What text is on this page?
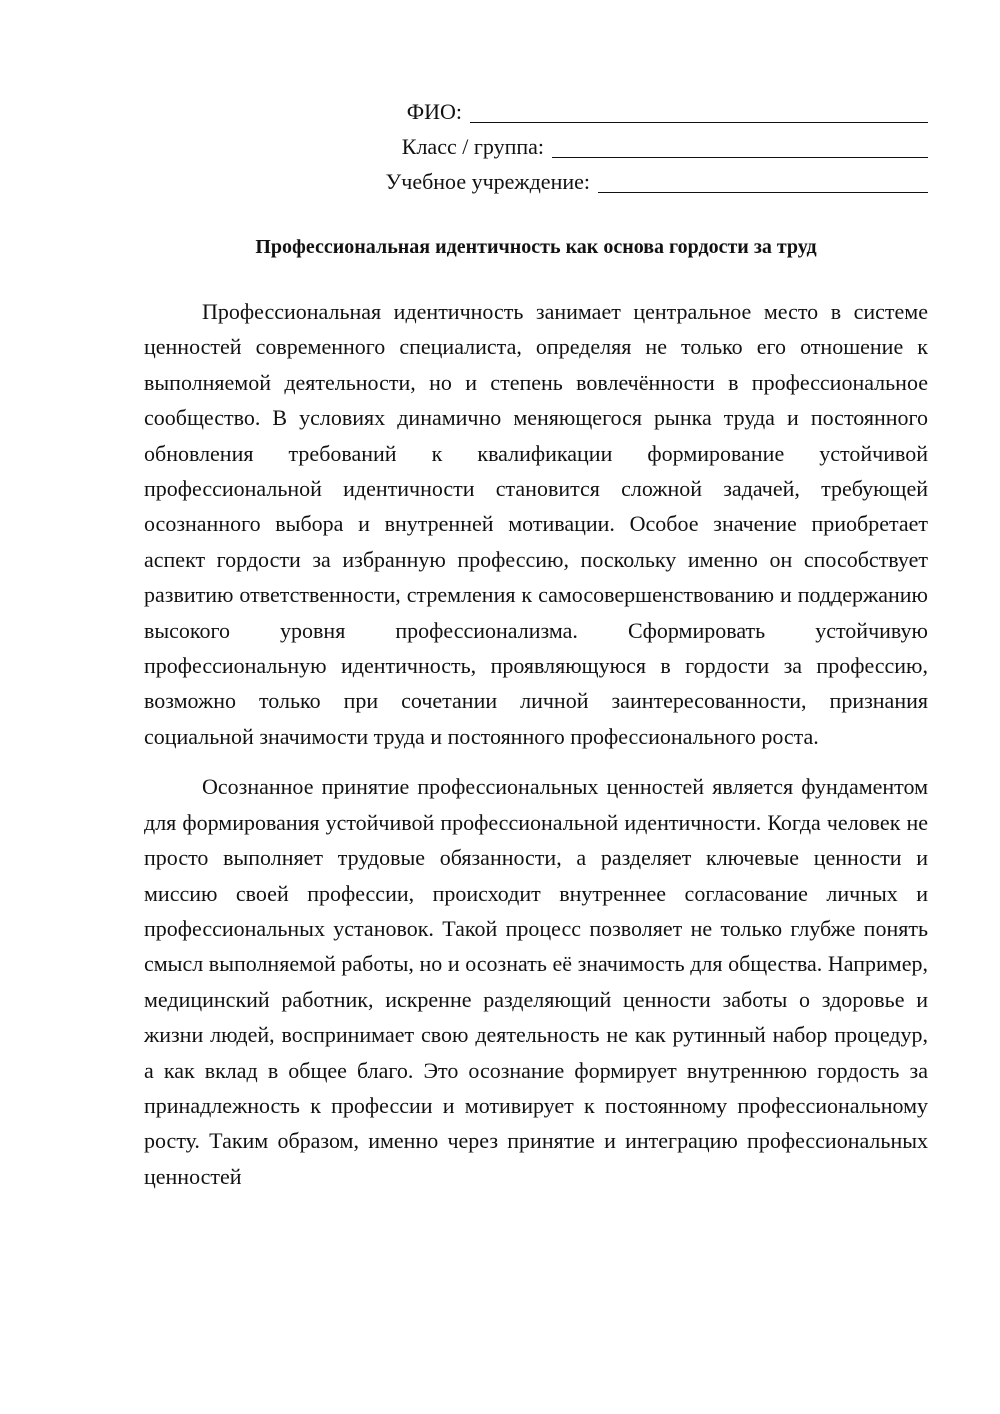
ФИО:
Класс / группа:
Учебное учреждение:
Профессиональная идентичность как основа гордости за труд

Профессиональная идентичность занимает центральное место в системе ценностей современного специалиста, определяя не только его отношение к выполняемой деятельности, но и степень вовлечённости в профессиональное сообщество. В условиях динамично меняющегося рынка труда и постоянного обновления требований к квалификации формирование устойчивой профессиональной идентичности становится сложной задачей, требующей осознанного выбора и внутренней мотивации. Особое значение приобретает аспект гордости за избранную профессию, поскольку именно он способствует развитию ответственности, стремления к самосовершенствованию и поддержанию высокого уровня профессионализма. Сформировать устойчивую профессиональную идентичность, проявляющуюся в гордости за профессию, возможно только при сочетании личной заинтересованности, признания социальной значимости труда и постоянного профессионального роста.

Осознанное принятие профессиональных ценностей является фундаментом для формирования устойчивой профессиональной идентичности. Когда человек не просто выполняет трудовые обязанности, а разделяет ключевые ценности и миссию своей профессии, происходит внутреннее согласование личных и профессиональных установок. Такой процесс позволяет не только глубже понять смысл выполняемой работы, но и осознать её значимость для общества. Например, медицинский работник, искренне разделяющий ценности заботы о здоровье и жизни людей, воспринимает свою деятельность не как рутинный набор процедур, а как вклад в общее благо. Это осознание формирует внутреннюю гордость за принадлежность к профессии и мотивирует к постоянному профессиональному росту. Таким образом, именно через принятие и интеграцию профессиональных ценностей
